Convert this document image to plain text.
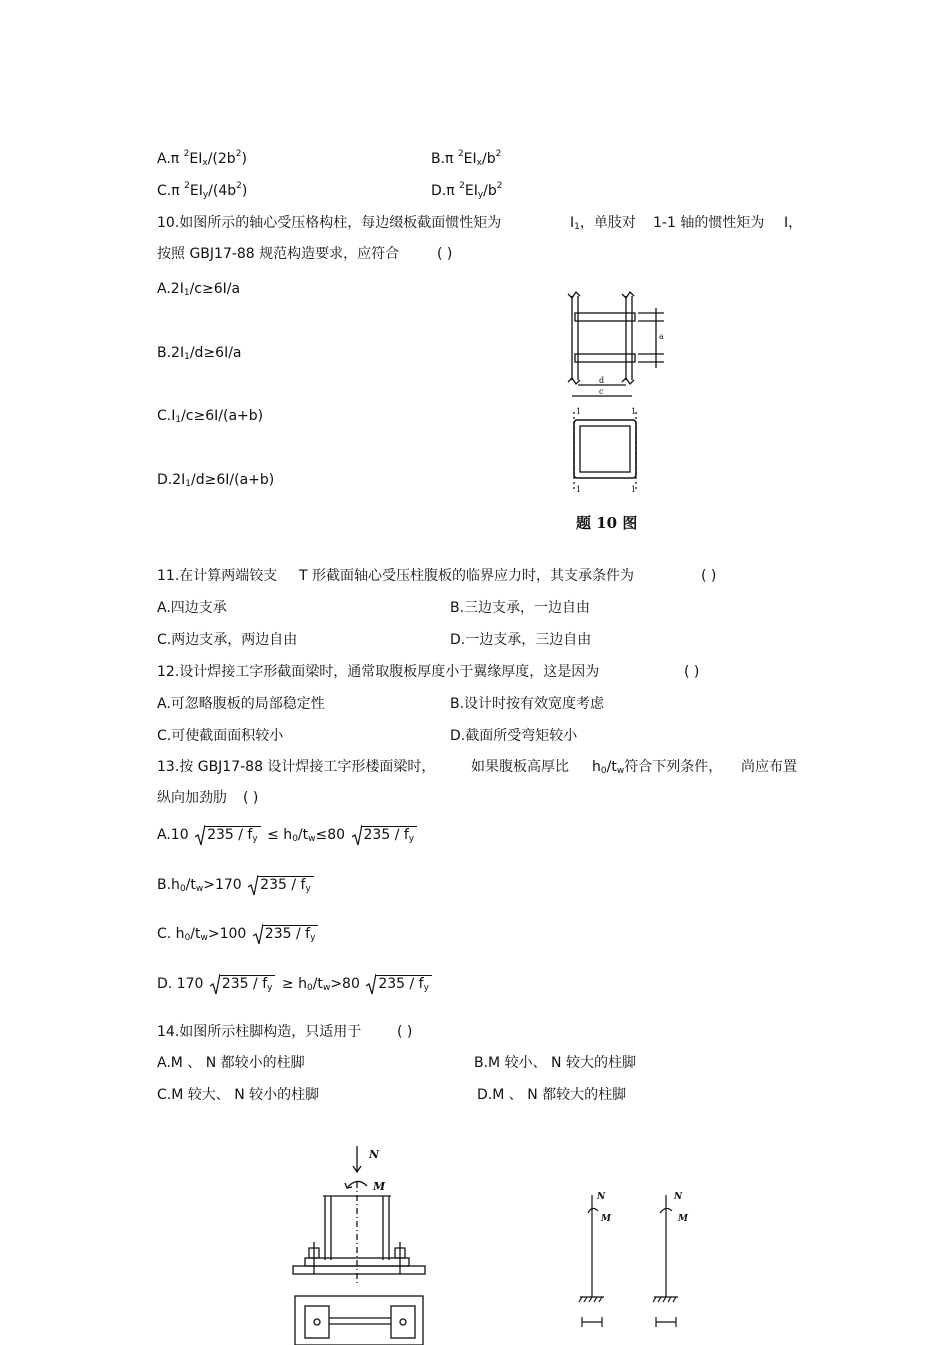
A.π $^2EI_x/(2b^2)$	B.π $^2EI_x/b^2$
C.π $^2EI_y/(4b^2)$	D.π $^2EI_y/b^2$
10.如图所示的轴心受压格构柱，每边缀板截面惯性矩为	$I_1$，单肢对 1-1 轴的惯性矩为 I，
按照 GBJ17-88 规范构造要求，应符合	( )
$A.2I_1/c\ge 6I/a$
$B.2I_1/d\ge 6I/a$
$C.I_1/c\ge 6I/(a+b)$
$D.2I_1/d\ge 6I/(a+b)$
a
d
c
1	1
1	1
题 10 图
11.在计算两端铰支 T 形截面轴心受压柱腹板的临界应力时，其支承条件为	( )
A.四边支承	B.三边支承，一边自由
C.两边支承，两边自由	D.一边支承，三边自由
12.设计焊接工字形截面梁时，通常取腹板厚度小于翼缘厚度，这是因为	( )
A.可忽略腹板的局部稳定性	B.设计时按有效宽度考虑
C.可使截面面积较小	D.截面所受弯矩较小
13.按 GBJ17-88 设计焊接工字形楼面梁时，	如果腹板高厚比 $h_0/t_w$符合下列条件， 尚应布置
纵向加劲肋 ( )
A.10 $235 / f_y \le h_0/t_w\le 80$ $235 / f_y$
$B.h_0/t_w>170$ $235 / f_y$
C. $h_0/t_w>100$ $235 / f_y$
D. 170 $235 / f_y \ge h_0/t_w>80$ $235 / f_y$
14.如图所示柱脚构造，只适用于	( )
A.M 、 N 都较小的柱脚	B.M 较小、 N 较大的柱脚
C.M 较大、 N 较小的柱脚	D.M 、 N 都较大的柱脚
N
M
N
M
N
M
